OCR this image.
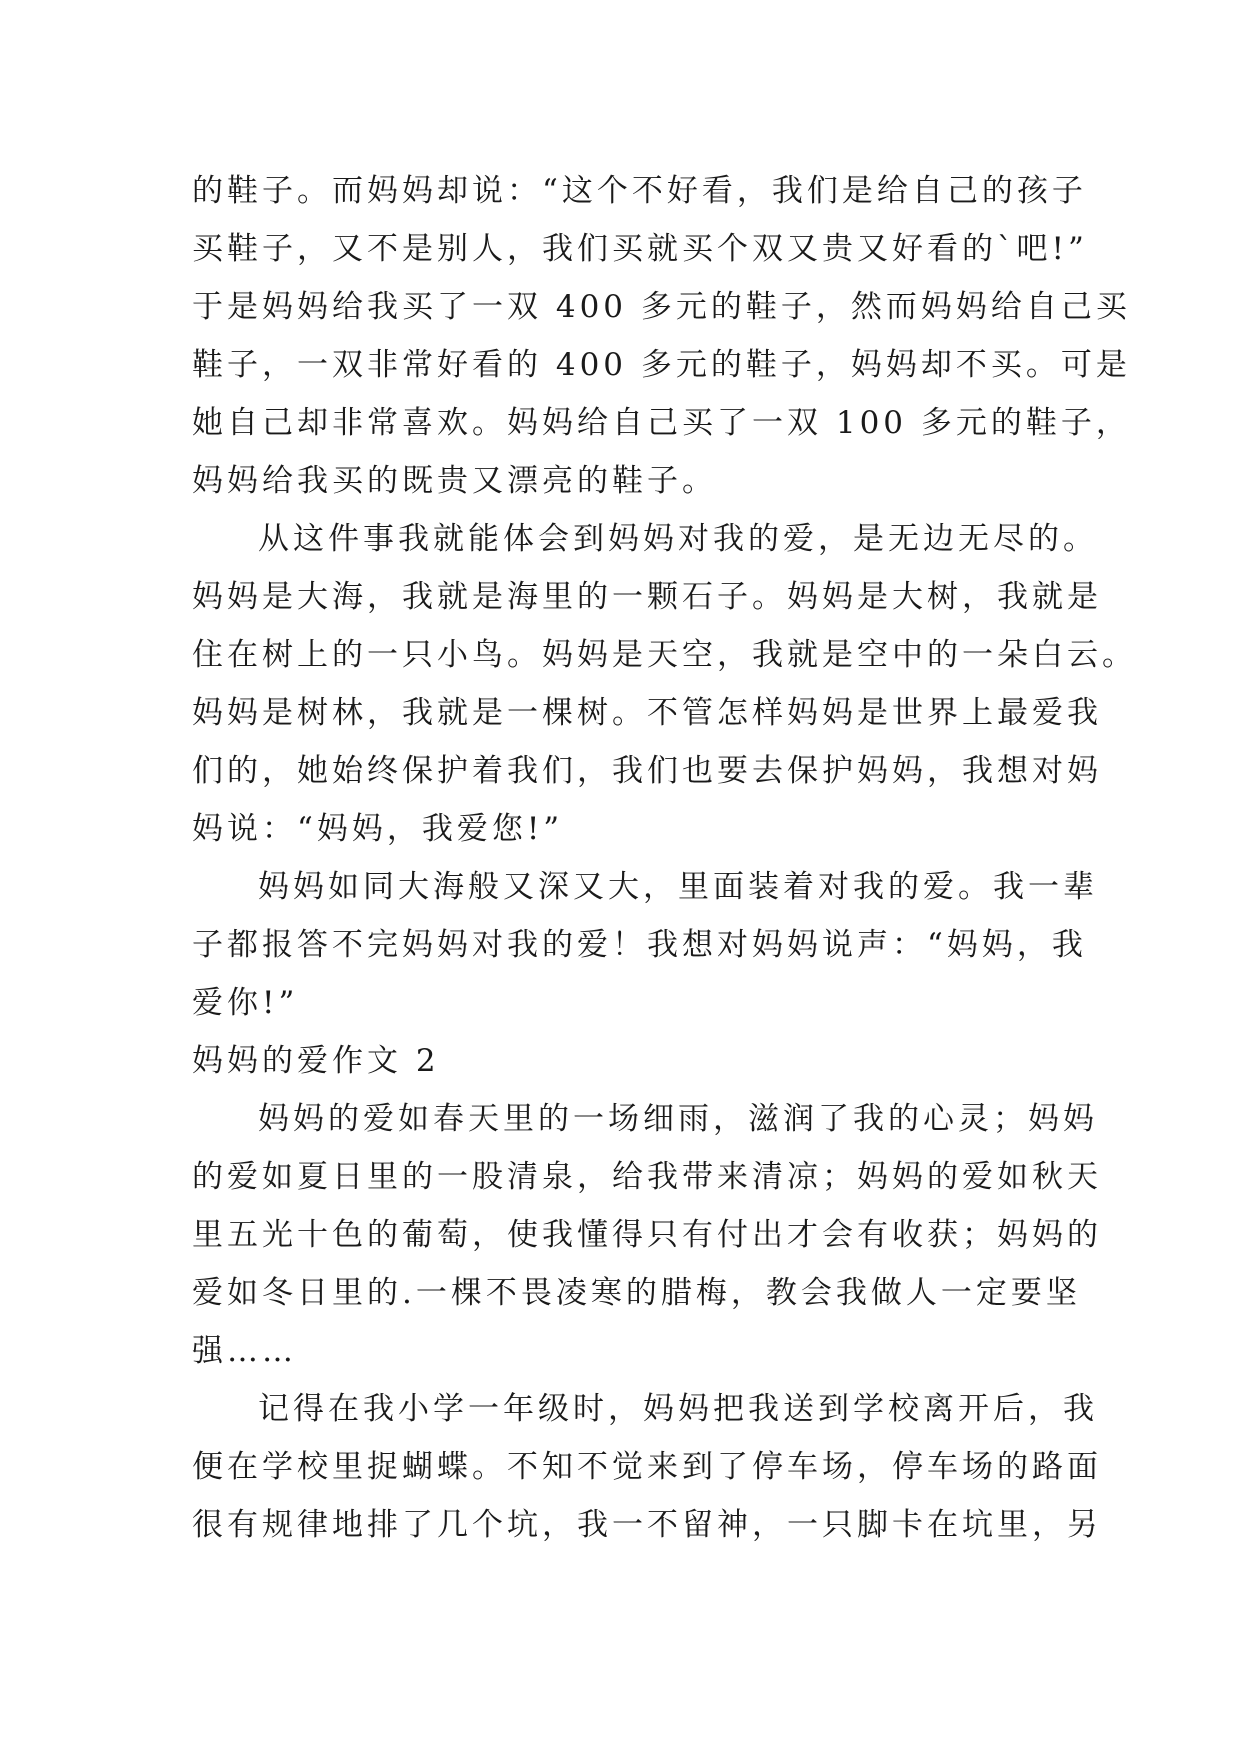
的鞋子。而妈妈却说：“这个不好看，我们是给自己的孩子
买鞋子，又不是别人，我们买就买个双又贵又好看的`吧!”
于是妈妈给我买了一双 400 多元的鞋子，然而妈妈给自己买
鞋子，一双非常好看的 400 多元的鞋子，妈妈却不买。可是
她自己却非常喜欢。妈妈给自己买了一双 100 多元的鞋子，
妈妈给我买的既贵又漂亮的鞋子。
从这件事我就能体会到妈妈对我的爱，是无边无尽的。
妈妈是大海，我就是海里的一颗石子。妈妈是大树，我就是
住在树上的一只小鸟。妈妈是天空，我就是空中的一朵白云。
妈妈是树林，我就是一棵树。不管怎样妈妈是世界上最爱我
们的，她始终保护着我们，我们也要去保护妈妈，我想对妈
妈说：“妈妈，我爱您!”
妈妈如同大海般又深又大，里面装着对我的爱。我一辈
子都报答不完妈妈对我的爱！我想对妈妈说声：“妈妈，我
爱你!”
妈妈的爱作文 2
妈妈的爱如春天里的一场细雨，滋润了我的心灵；妈妈
的爱如夏日里的一股清泉，给我带来清凉；妈妈的爱如秋天
里五光十色的葡萄，使我懂得只有付出才会有收获；妈妈的
爱如冬日里的.一棵不畏凌寒的腊梅，教会我做人一定要坚
强……
记得在我小学一年级时，妈妈把我送到学校离开后，我
便在学校里捉蝴蝶。不知不觉来到了停车场，停车场的路面
很有规律地排了几个坑，我一不留神，一只脚卡在坑里，另
